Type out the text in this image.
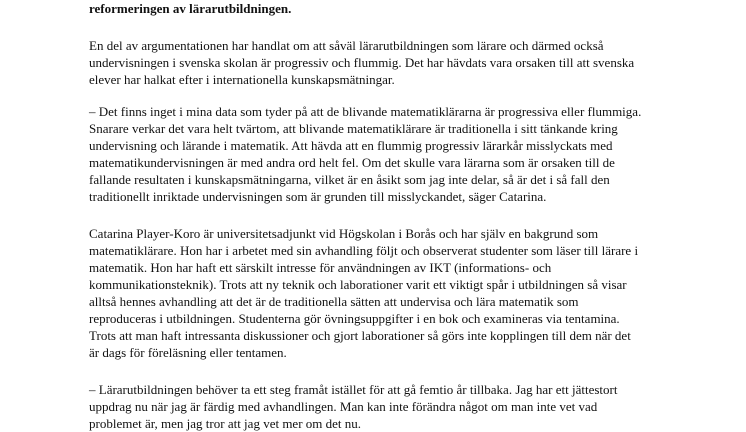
reformeringen av lärarutbildningen.

En del av argumentationen har handlat om att såväl lärarutbildningen som lärare och därmed också
undervisningen i svenska skolan är progressiv och flummig. Det har hävdats vara orsaken till att svenska
elever har halkat efter i internationella kunskapsmätningar.

– Det finns inget i mina data som tyder på att de blivande matematiklärarna är progressiva eller flummiga.
Snarare verkar det vara helt tvärtom, att blivande matematiklärare är traditionella i sitt tänkande kring
undervisning och lärande i matematik. Att hävda att en flummig progressiv lärarkår misslyckats med
matematikundervisningen är med andra ord helt fel. Om det skulle vara lärarna som är orsaken till de
fallande resultaten i kunskapsmätningarna, vilket är en åsikt som jag inte delar, så är det i så fall den
traditionellt inriktade undervisningen som är grunden till misslyckandet, säger Catarina.

Catarina Player-Koro är universitetsadjunkt vid Högskolan i Borås och har själv en bakgrund som
matematiklärare. Hon har i arbetet med sin avhandling följt och observerat studenter som läser till lärare i
matematik. Hon har haft ett särskilt intresse för användningen av IKT (informations- och
kommunikationsteknik). Trots att ny teknik och laborationer varit ett viktigt spår i utbildningen så visar
alltså hennes avhandling att det är de traditionella sätten att undervisa och lära matematik som
reproduceras i utbildningen. Studenterna gör övningsuppgifter i en bok och examineras via tentamina.
Trots att man haft intressanta diskussioner och gjort laborationer så görs inte kopplingen till dem när det
är dags för föreläsning eller tentamen.

– Lärarutbildningen behöver ta ett steg framåt istället för att gå femtio år tillbaka. Jag har ett jättestort
uppdrag nu när jag är färdig med avhandlingen. Man kan inte förändra något om man inte vet vad
problemet är, men jag tror att jag vet mer om det nu.
